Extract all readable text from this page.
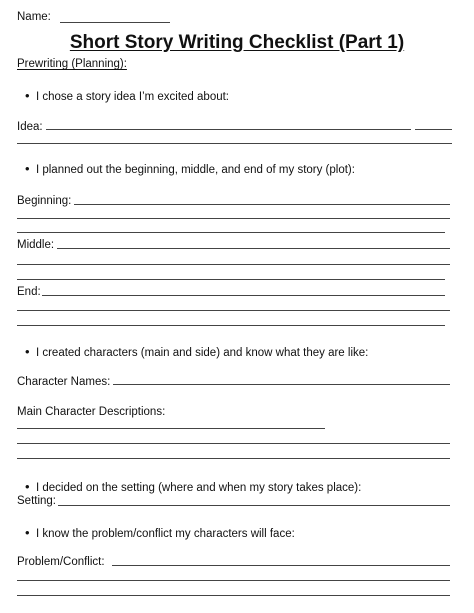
Name:
Short Story Writing Checklist (Part 1)
Prewriting (Planning):
• I chose a story idea I’m excited about:
Idea:
• I planned out the beginning, middle, and end of my story (plot):
Beginning:
Middle:
End:
• I created characters (main and side) and know what they are like:
Character Names:
Main Character Descriptions:
• I decided on the setting (where and when my story takes place):
Setting:
• I know the problem/conflict my characters will face:
Problem/Conflict:
